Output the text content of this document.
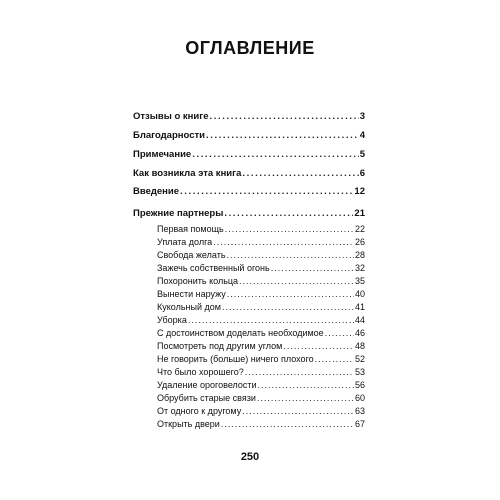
ОГЛАВЛЕНИЕ
Отзывы о книге .....	3
Благодарности .....	4
Примечание .....	5
Как возникла эта книга .....	6
Введение .....	12
Прежние партнеры .....	21
Первая помощь .....	22
Уплата долга .....	26
Свобода желать .....	28
Зажечь собственный огонь .....	32
Похоронить кольца .....	35
Вынести наружу .....	40
Кукольный дом .....	41
Уборка .....	44
С достоинством доделать необходимое .....	46
Посмотреть под другим углом .....	48
Не говорить (больше) ничего плохого .....	52
Что было хорошего? .....	53
Удаление ороговелости .....	56
Обрубить старые связи .....	60
От одного к другому .....	63
Открыть двери .....	67
250
